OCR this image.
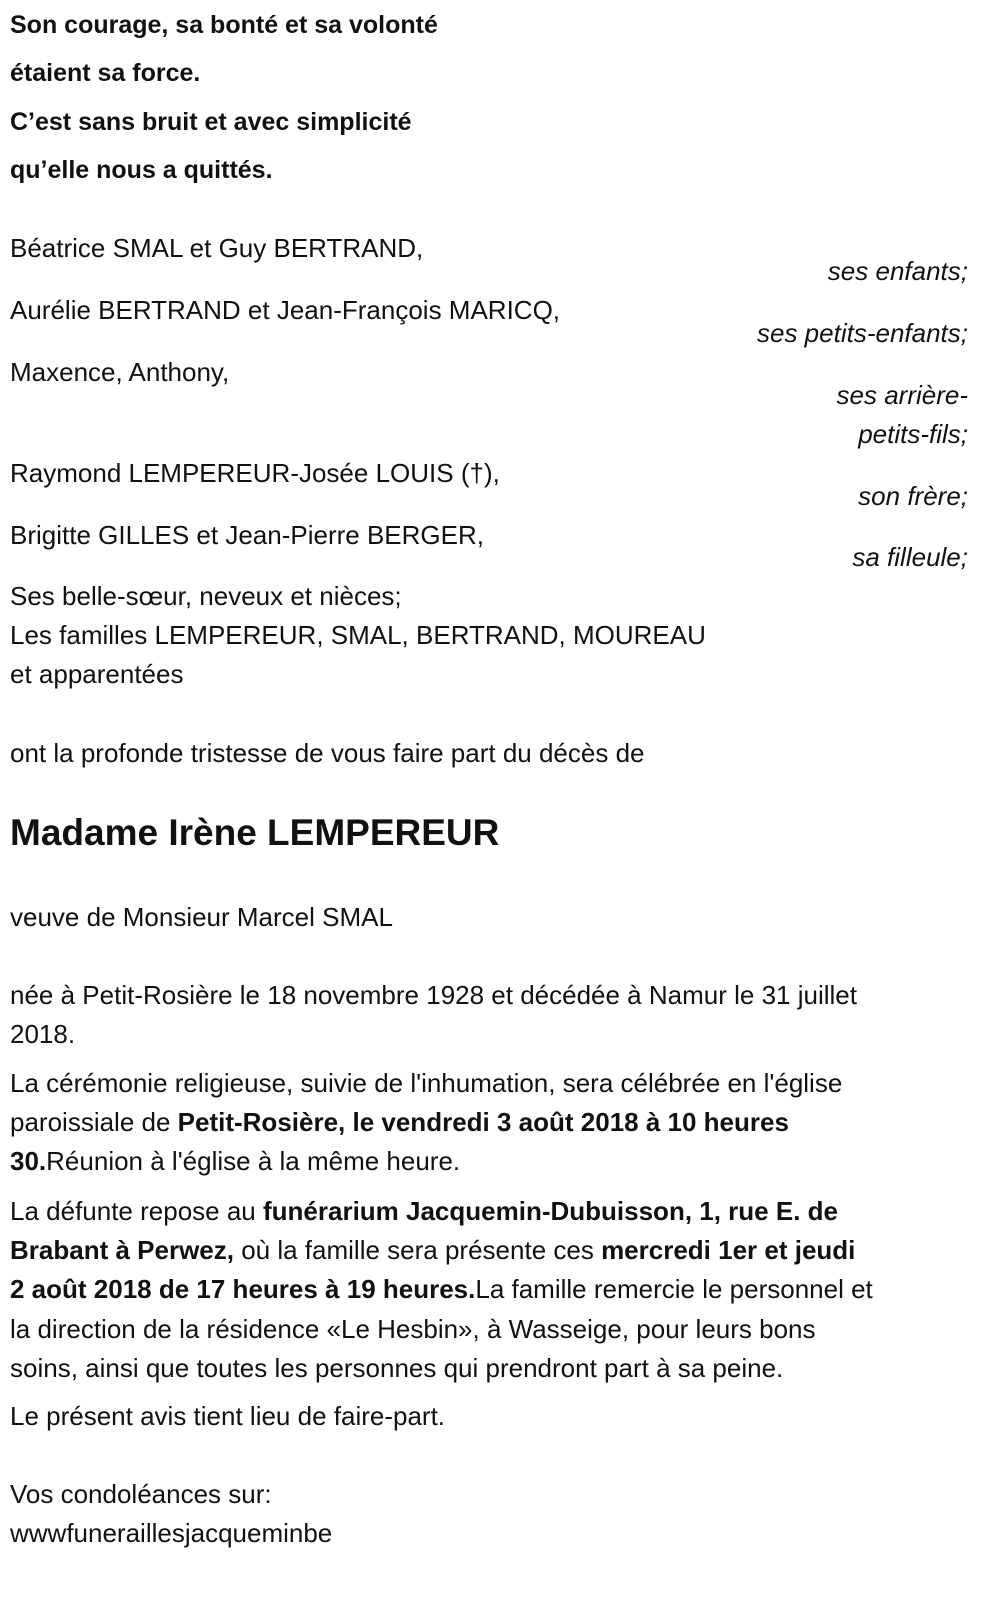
Son courage, sa bonté et sa volonté
étaient sa force.
C’est sans bruit et avec simplicité
qu’elle nous a quittés.
Béatrice SMAL et Guy BERTRAND,
ses enfants;
Aurélie BERTRAND et Jean-François MARICQ,
ses petits-enfants;
Maxence, Anthony,
ses arrière-
petits-fils;
Raymond LEMPEREUR-Josée LOUIS (†),
son frère;
Brigitte GILLES et Jean-Pierre BERGER,
sa filleule;
Ses belle-sœur, neveux et nièces;
Les familles LEMPEREUR, SMAL, BERTRAND, MOUREAU
et apparentées
ont la profonde tristesse de vous faire part du décès de
Madame Irène LEMPEREUR
veuve de Monsieur Marcel SMAL
née à Petit-Rosière le 18 novembre 1928 et décédée à Namur le 31 juillet
2018.
La cérémonie religieuse, suivie de l'inhumation, sera célébrée en l'église
paroissiale de Petit-Rosière, le vendredi 3 août 2018 à 10 heures
30.Réunion à l'église à la même heure.
La défunte repose au funérarium Jacquemin-Dubuisson, 1, rue E. de
Brabant à Perwez, où la famille sera présente ces mercredi 1er et jeudi
2 août 2018 de 17 heures à 19 heures.La famille remercie le personnel et
la direction de la résidence «Le Hesbin», à Wasseige, pour leurs bons
soins, ainsi que toutes les personnes qui prendront part à sa peine.
Le présent avis tient lieu de faire-part.
Vos condoléances sur:
wwwfuneraillesjacqueminbe
